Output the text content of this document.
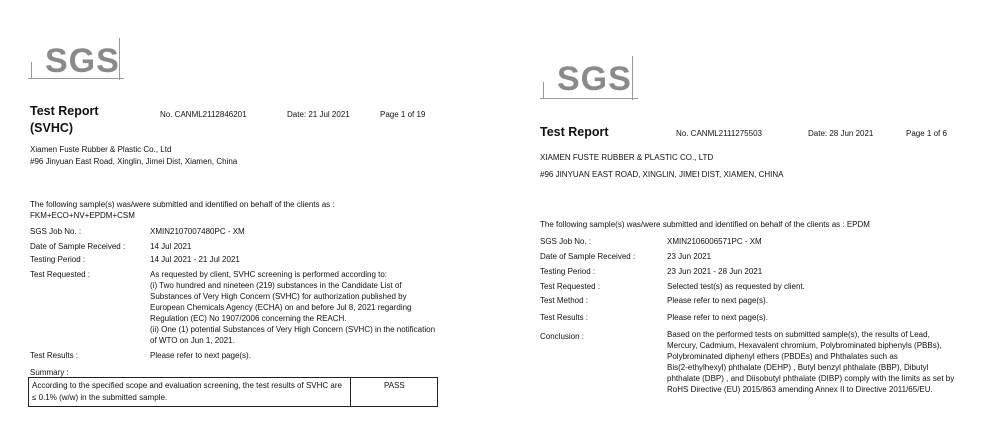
SGS
Test Report
(SVHC)
No. CANML2112846201	Date: 21 Jul 2021	Page 1 of 19
Xiamen Fuste Rubber & Plastic Co., Ltd
#96 Jinyuan East Road, Xinglin, Jimei Dist, Xiamen, China
The following sample(s) was/were submitted and identified on behalf of the clients as :
FKM+ECO+NV+EPDM+CSM
SGS Job No. :	XMIN2107007480PC - XM
Date of Sample Received :	14 Jul 2021
Testing Period :	14 Jul 2021 - 21 Jul 2021
Test Requested :	As requested by client, SVHC screening is performed according to:
(i) Two hundred and nineteen (219) substances in the Candidate List of
Substances of Very High Concern (SVHC) for authorization published by
European Chemicals Agency (ECHA) on and before Jul 8, 2021 regarding
Regulation (EC) No 1907/2006 concerning the REACH.
(ii) One (1) potential Substances of Very High Concern (SVHC) in the notification
of WTO on Jun 1, 2021.
Test Results :	Please refer to next page(s).
Summary :
According to the specified scope and evaluation screening, the test results of SVHC are
≤ 0.1% (w/w) in the submitted sample.
PASS
SGS
Test Report	No. CANML2111275503	Date: 28 Jun 2021	Page 1 of 6
XIAMEN FUSTE RUBBER & PLASTIC CO., LTD
#96 JINYUAN EAST ROAD, XINGLIN, JIMEI DIST, XIAMEN, CHINA
The following sample(s) was/were submitted and identified on behalf of the clients as : EPDM
SGS Job No. :	XMIN2106006571PC - XM
Date of Sample Received :	23 Jun 2021
Testing Period :	23 Jun 2021 - 28 Jun 2021
Test Requested :	Selected test(s) as requested by client.
Test Method :	Please refer to next page(s).
Test Results :	Please refer to next page(s).
Conclusion :	Based on the performed tests on submitted sample(s), the results of Lead,
Mercury, Cadmium, Hexavalent chromium, Polybrominated biphenyls (PBBs),
Polybrominated diphenyl ethers (PBDEs) and Phthalates such as
Bis(2-ethylhexyl) phthalate (DEHP) , Butyl benzyl phthalate (BBP), Dibutyl
phthalate (DBP) , and Diisobutyl phthalate (DIBP) comply with the limits as set by
RoHS Directive (EU) 2015/863 amending Annex II to Directive 2011/65/EU.
